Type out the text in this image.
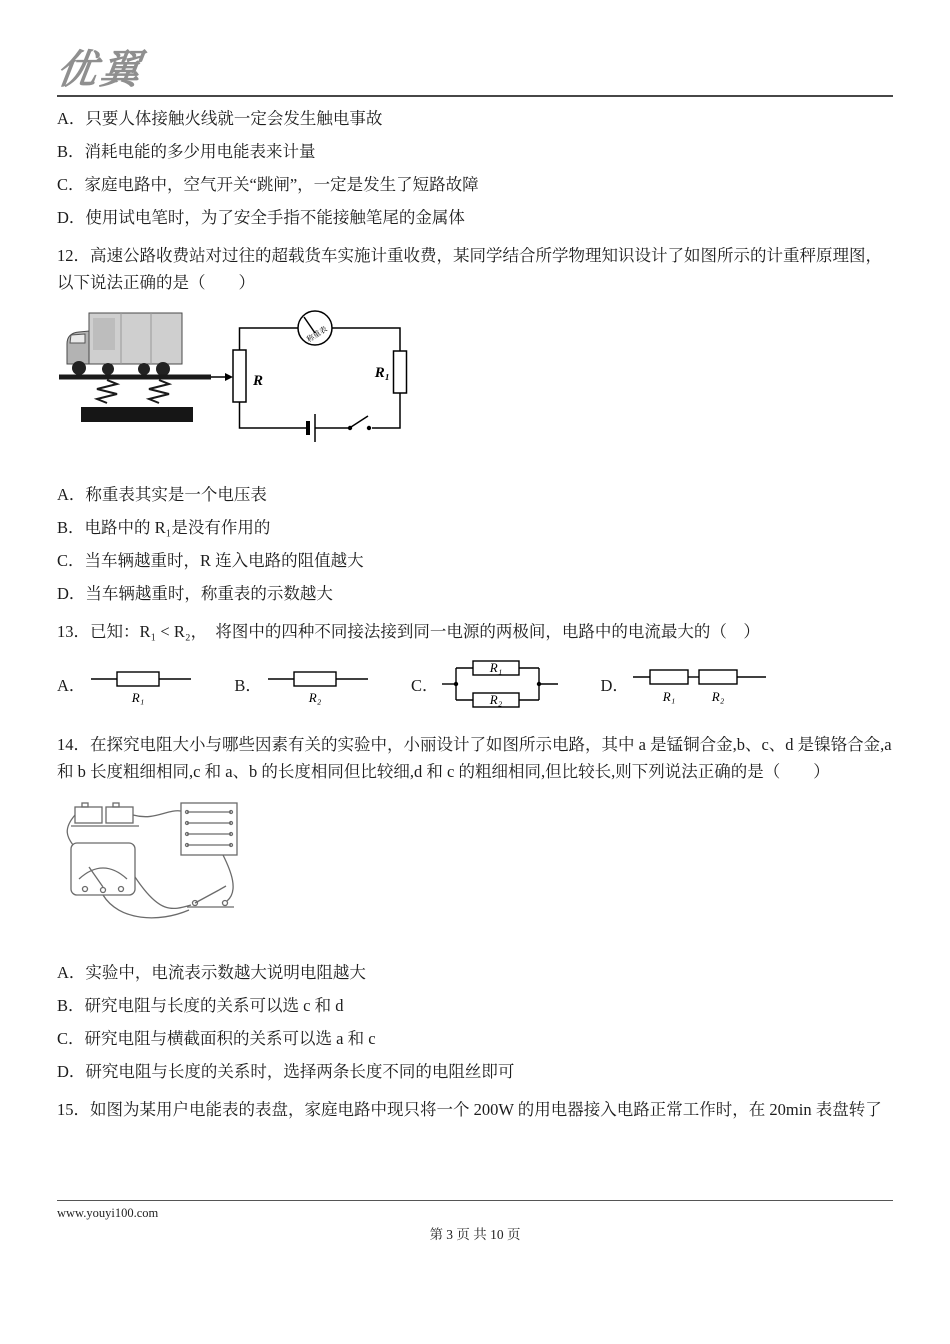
优翼

A．只要人体接触火线就一定会发生触电事故

B．消耗电能的多少用电能表来计量

C．家庭电路中，空气开关“跳闸”，一定是发生了短路故障

D．使用试电笔时，为了安全手指不能接触笔尾的金属体

12．高速公路收费站对过往的超载货车实施计重收费，某同学结合所学物理知识设计了如图所示的计重秤原理图，以下说法正确的是（　　）

R	R₁
称重表

A．称重表其实是一个电压表

B．电路中的 R₁是没有作用的

C．当车辆越重时，R 连入电路的阻值越大

D．当车辆越重时，称重表的示数越大

13．已知：R₁ < R₂，　将图中的四种不同接法接到同一电源的两极间，电路中的电流最大的（　）

A．
R₁
B．
R₂
C．
R₁
R₂
D．
R₁	R₂

14．在探究电阻大小与哪些因素有关的实验中，小丽设计了如图所示电路，其中 a 是锰铜合金,b、c、d 是镍铬合金,a 和 b 长度粗细相同,c 和 a、b 的长度相同但比较细,d 和 c 的粗细相同,但比较长,则下列说法正确的是（　　）

A．实验中，电流表示数越大说明电阻越大

B．研究电阻与长度的关系可以选 c 和 d

C．研究电阻与横截面积的关系可以选 a 和 c

D．研究电阻与长度的关系时，选择两条长度不同的电阻丝即可

15．如图为某用户电能表的表盘，家庭电路中现只将一个 200W 的用电器接入电路正常工作时，在 20min 表盘转了

www.youyi100.com
第 3 页 共 10 页
